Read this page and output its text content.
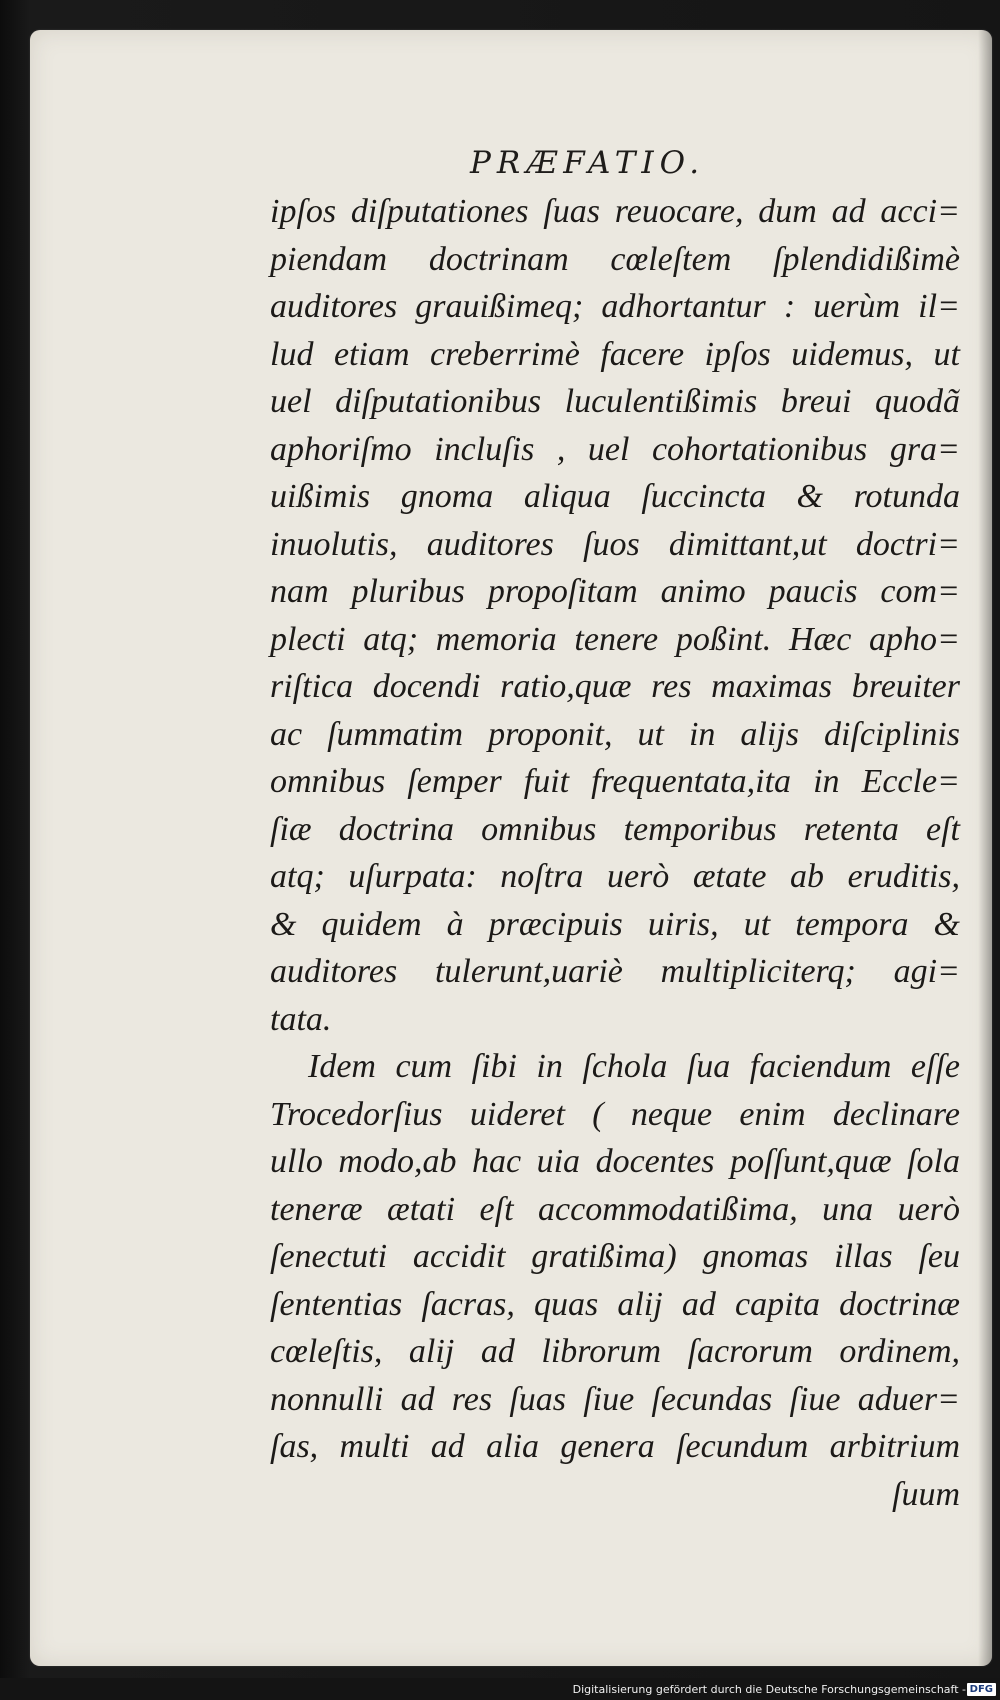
PRÆFATIO.
ipſos diſputationes ſuas reuocare, dum ad acci=
piendam doctrinam cœleſtem ſplendidißimè
auditores grauißimeq; adhortantur : uerùm il=
lud etiam creberrimè facere ipſos uidemus, ut
uel diſputationibus luculentißimis breui quodã
aphoriſmo incluſis , uel cohortationibus gra=
uißimis gnoma aliqua ſuccincta & rotunda
inuolutis, auditores ſuos dimittant,ut doctri=
nam pluribus propoſitam animo paucis com=
plecti atq; memoria tenere poßint. Hæc apho=
riſtica docendi ratio,quæ res maximas breuiter
ac ſummatim proponit, ut in alijs diſciplinis
omnibus ſemper fuit frequentata,ita in Eccle=
ſiæ doctrina omnibus temporibus retenta eſt
atq; uſurpata: noſtra uerò ætate ab eruditis,
& quidem à præcipuis uiris, ut tempora &
auditores tulerunt,uariè multipliciterq; agi=
tata.
Idem cum ſibi in ſchola ſua faciendum eſſe
Trocedorſius uideret ( neque enim declinare
ullo modo,ab hac uia docentes poſſunt,quæ ſola
teneræ ætati eſt accommodatißima, una uerò
ſenectuti accidit gratißima) gnomas illas ſeu
ſententias ſacras, quas alij ad capita doctrinæ
cœleſtis, alij ad librorum ſacrorum ordinem,
nonnulli ad res ſuas ſiue ſecundas ſiue aduer=
ſas, multi ad alia genera ſecundum arbitrium
ſuum
Digitalisierung gefördert durch die Deutsche Forschungsgemeinschaft - DFG
